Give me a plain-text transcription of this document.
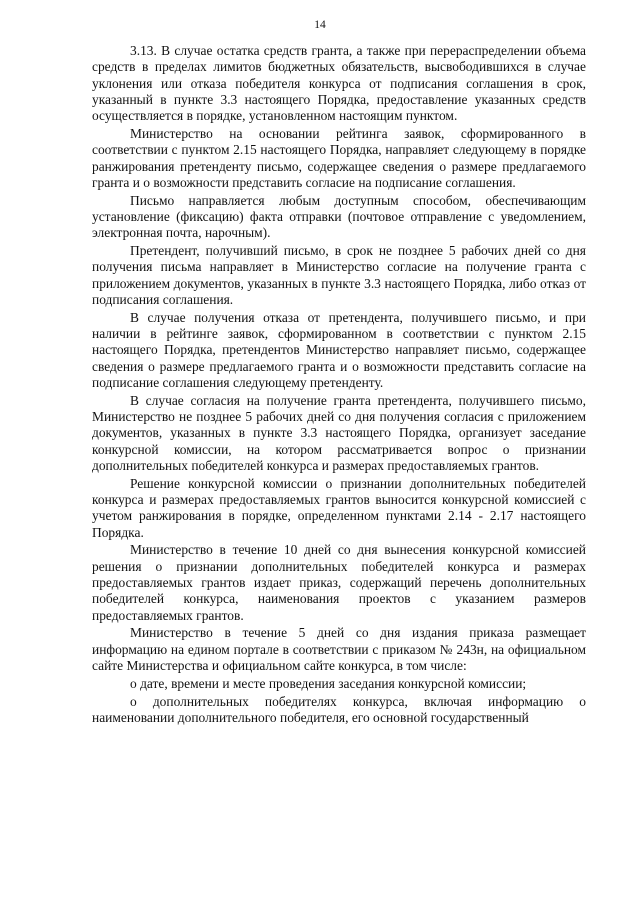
14

3.13. В случае остатка средств гранта, а также при перераспределении объема средств в пределах лимитов бюджетных обязательств, высвободившихся в случае уклонения или отказа победителя конкурса от подписания соглашения в срок, указанный в пункте 3.3 настоящего Порядка, предоставление указанных средств осуществляется в порядке, установленном настоящим пунктом.

Министерство на основании рейтинга заявок, сформированного в соответствии с пунктом 2.15 настоящего Порядка, направляет следующему в порядке ранжирования претенденту письмо, содержащее сведения о размере предлагаемого гранта и о возможности представить согласие на подписание соглашения.

Письмо направляется любым доступным способом, обеспечивающим установление (фиксацию) факта отправки (почтовое отправление с уведомлением, электронная почта, нарочным).

Претендент, получивший письмо, в срок не позднее 5 рабочих дней со дня получения письма направляет в Министерство согласие на получение гранта с приложением документов, указанных в пункте 3.3 настоящего Порядка, либо отказ от подписания соглашения.

В случае получения отказа от претендента, получившего письмо, и при наличии в рейтинге заявок, сформированном в соответствии с пунктом 2.15 настоящего Порядка, претендентов Министерство направляет письмо, содержащее сведения о размере предлагаемого гранта и о возможности представить согласие на подписание соглашения следующему претенденту.

В случае согласия на получение гранта претендента, получившего письмо, Министерство не позднее 5 рабочих дней со дня получения согласия с приложением документов, указанных в пункте 3.3 настоящего Порядка, организует заседание конкурсной комиссии, на котором рассматривается вопрос о признании дополнительных победителей конкурса и размерах предоставляемых грантов.

Решение конкурсной комиссии о признании дополнительных победителей конкурса и размерах предоставляемых грантов выносится конкурсной комиссией с учетом ранжирования в порядке, определенном пунктами 2.14 - 2.17 настоящего Порядка.

Министерство в течение 10 дней со дня вынесения конкурсной комиссией решения о признании дополнительных победителей конкурса и размерах предоставляемых грантов издает приказ, содержащий перечень дополнительных победителей конкурса, наименования проектов с указанием размеров предоставляемых грантов.

Министерство в течение 5 дней со дня издания приказа размещает информацию на едином портале в соответствии с приказом № 243н, на официальном сайте Министерства и официальном сайте конкурса, в том числе:

о дате, времени и месте проведения заседания конкурсной комиссии;

о дополнительных победителях конкурса, включая информацию о наименовании дополнительного победителя, его основной государственный
